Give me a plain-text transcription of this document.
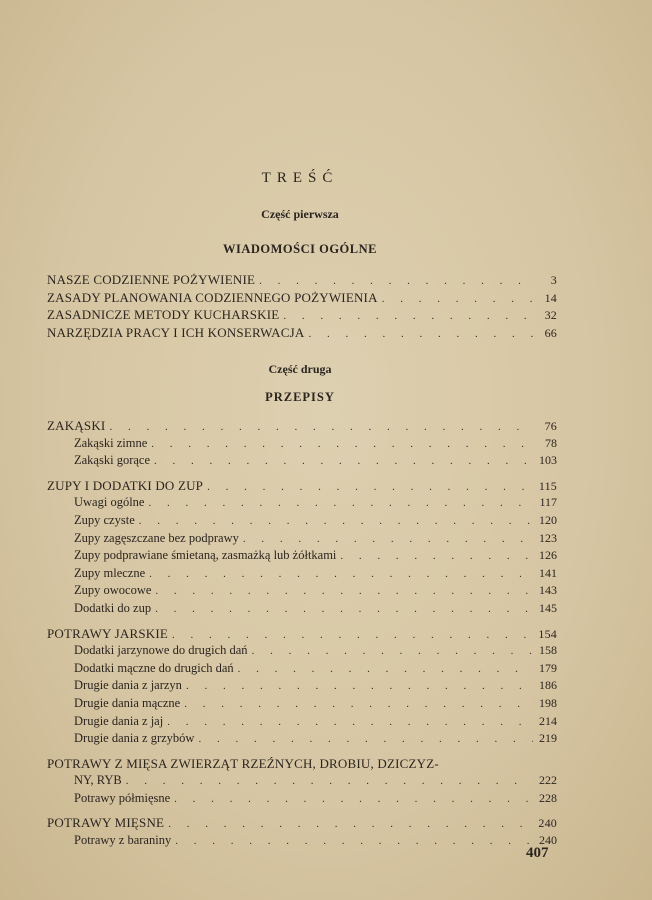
TREŚĆ
Część pierwsza
WIADOMOŚCI OGÓLNE
NASZE CODZIENNE POŻYWIENIE . . .	3
ZASADY PLANOWANIA CODZIENNEGO POŻYWIENIA . . .	14
ZASADNICZE METODY KUCHARSKIE . . .	32
NARZĘDZIA PRACY I ICH KONSERWACJA . . .	66
Część druga
PRZEPISY
ZAKĄSKI . . .	76
Zakąski zimne . . .	78
Zakąski gorące . . .	103
ZUPY I DODATKI DO ZUP . . .	115
Uwagi ogólne . . .	117
Zupy czyste . . .	120
Zupy zagęszczane bez podprawy . . .	123
Zupy podprawiane śmietaną, zasmażką lub żółtkami . . .	126
Zupy mleczne . . .	141
Zupy owocowe . . .	143
Dodatki do zup . . .	145
POTRAWY JARSKIE . . .	154
Dodatki jarzynowe do drugich dań . . .	158
Dodatki mączne do drugich dań . . .	179
Drugie dania z jarzyn . . .	186
Drugie dania mączne . . .	198
Drugie dania z jaj . . .	214
Drugie dania z grzybów . . .	219
POTRAWY Z MIĘSA ZWIERZĄT RZEŹNYCH, DROBIU, DZICZYZ-
NY, RYB . . .	222
Potrawy półmięsne . . .	228
POTRAWY MIĘSNE . . .	240
Potrawy z baraniny . . .	240
407
